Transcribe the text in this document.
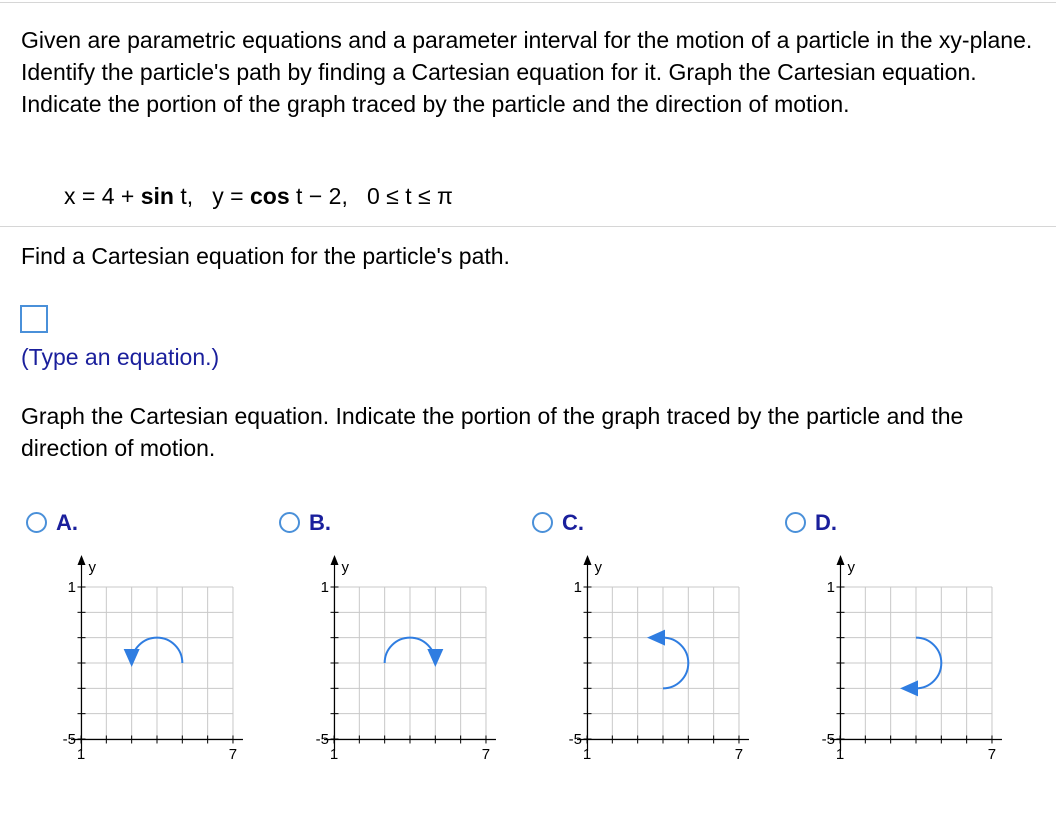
Given are parametric equations and a parameter interval for the motion of a particle in the xy-plane. Identify the particle's path by finding a Cartesian equation for it. Graph the Cartesian equation. Indicate the portion of the graph traced by the particle and the direction of motion.

x = 4 + sin t,   y = cos t − 2,   0 ≤ t ≤ π

Find a Cartesian equation for the particle's path.

(Type an equation.)

Graph the Cartesian equation. Indicate the portion of the graph traced by the particle and the direction of motion.

A.
y
1
-5
1	7
B.
y
1
-5
1	7
C.
y
1
-5
1	7
D.
y
1
-5
1	7
